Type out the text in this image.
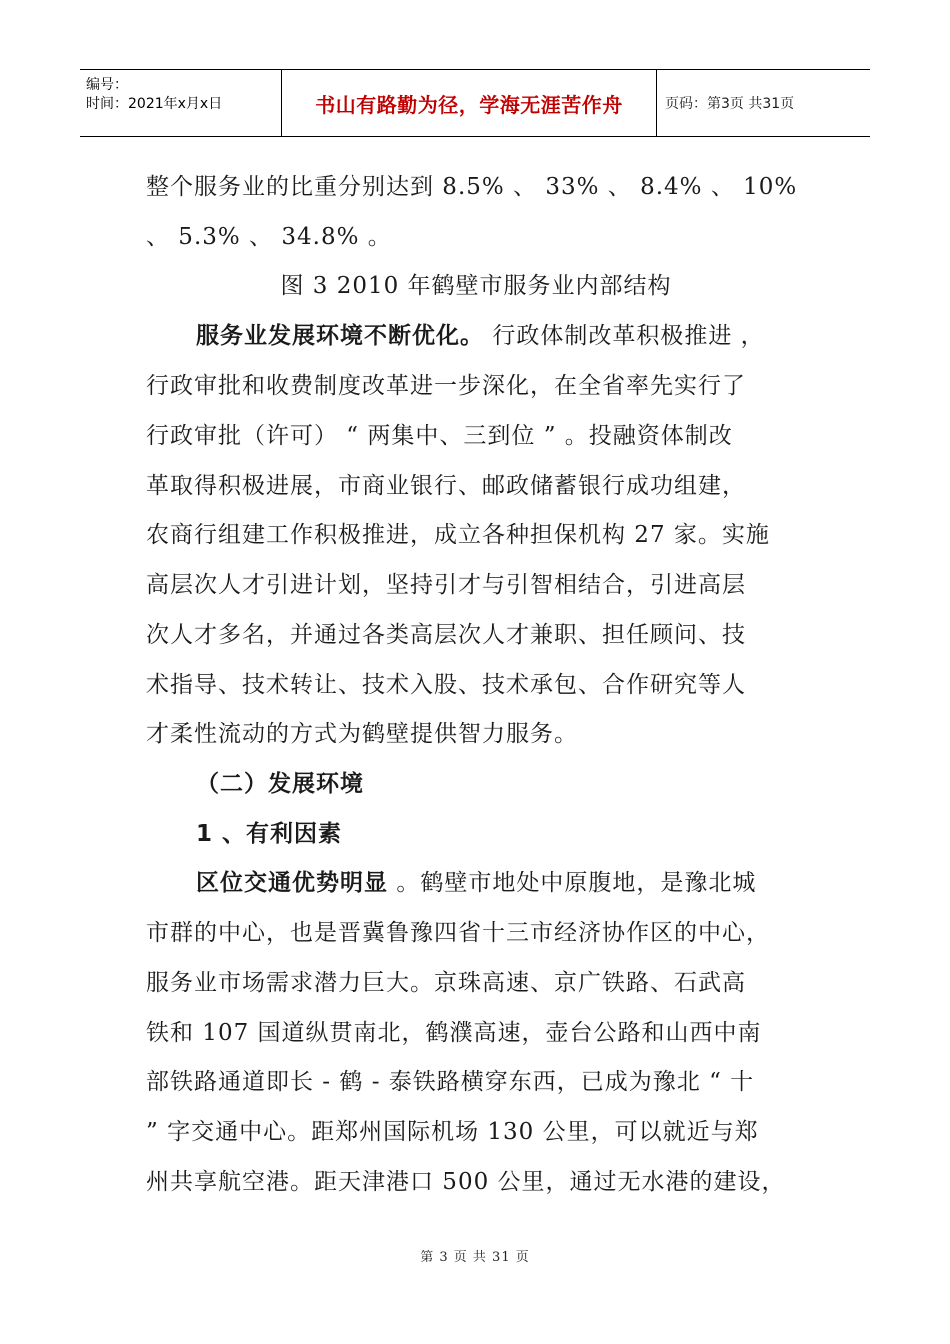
编号：
时间：2021年x月x日	书山有路勤为径，学海无涯苦作舟	页码：第3页 共31页
整个服务业的比重分别达到 8.5% 、 33% 、 8.4% 、 10%
、 5.3% 、 34.8% 。
图 3 2010 年鹤壁市服务业内部结构
服务业发展环境不断优化。 行政体制改革积极推进 ，
行政审批和收费制度改革进一步深化，在全省率先实行了
行政审批（许可） “ 两集中、三到位 ” 。投融资体制改
革取得积极进展，市商业银行、邮政储蓄银行成功组建，
农商行组建工作积极推进，成立各种担保机构 27 家。实施
高层次人才引进计划，坚持引才与引智相结合，引进高层
次人才多名，并通过各类高层次人才兼职、担任顾问、技
术指导、技术转让、技术入股、技术承包、合作研究等人
才柔性流动的方式为鹤壁提供智力服务。
（二）发展环境
1 、有利因素
区位交通优势明显 。鹤壁市地处中原腹地，是豫北城
市群的中心，也是晋冀鲁豫四省十三市经济协作区的中心，
服务业市场需求潜力巨大。京珠高速、京广铁路、石武高
铁和 107 国道纵贯南北，鹤濮高速，壶台公路和山西中南
部铁路通道即长 - 鹤 - 泰铁路横穿东西，已成为豫北 “ 十
” 字交通中心。距郑州国际机场 130 公里，可以就近与郑
州共享航空港。距天津港口 500 公里，通过无水港的建设，
第 3 页 共 31 页
